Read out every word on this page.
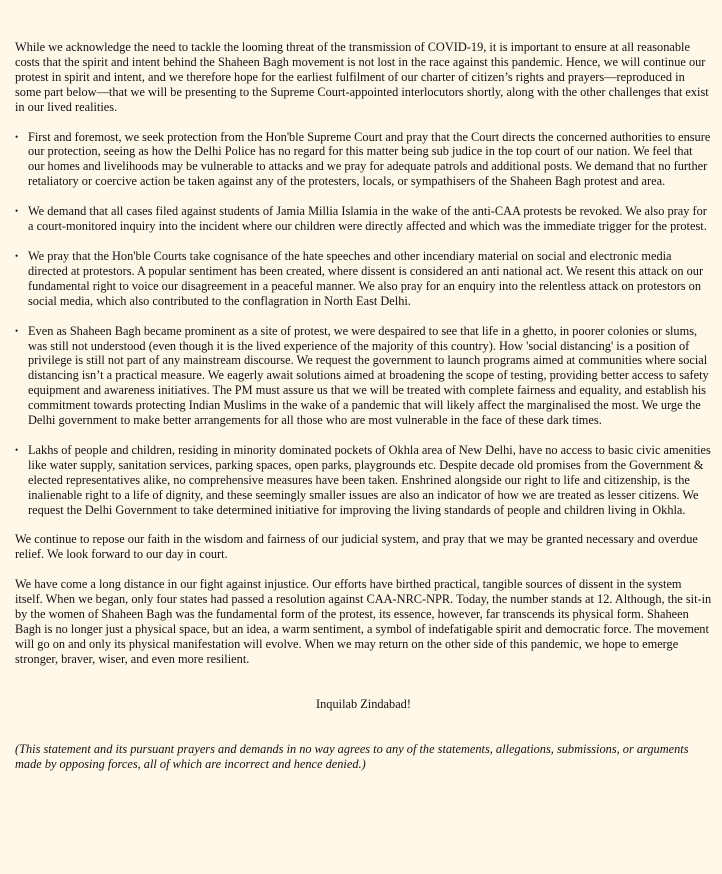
While we acknowledge the need to tackle the looming threat of the transmission of COVID-19, it is important to ensure at all reasonable costs that the spirit and intent behind the Shaheen Bagh movement is not lost in the race against this pandemic. Hence, we will continue our protest in spirit and intent, and we therefore hope for the earliest fulfilment of our charter of citizen’s rights and prayers—reproduced in some part below—that we will be presenting to the Supreme Court-appointed interlocutors shortly, along with the other challenges that exist in our lived realities.

• First and foremost, we seek protection from the Hon'ble Supreme Court and pray that the Court directs the concerned authorities to ensure our protection, seeing as how the Delhi Police has no regard for this matter being sub judice in the top court of our nation. We feel that our homes and livelihoods may be vulnerable to attacks and we pray for adequate patrols and additional posts. We demand that no further retaliatory or coercive action be taken against any of the protesters, locals, or sympathisers of the Shaheen Bagh protest and area.
• We demand that all cases filed against students of Jamia Millia Islamia in the wake of the anti-CAA protests be revoked. We also pray for a court-monitored inquiry into the incident where our children were directly affected and which was the immediate trigger for the protest.
• We pray that the Hon'ble Courts take cognisance of the hate speeches and other incendiary material on social and electronic media directed at protestors. A popular sentiment has been created, where dissent is considered an anti national act. We resent this attack on our fundamental right to voice our disagreement in a peaceful manner. We also pray for an enquiry into the relentless attack on protestors on social media, which also contributed to the conflagration in North East Delhi.
• Even as Shaheen Bagh became prominent as a site of protest, we were despaired to see that life in a ghetto, in poorer colonies or slums, was still not understood (even though it is the lived experience of the majority of this country). How 'social distancing' is a position of privilege is still not part of any mainstream discourse. We request the government to launch programs aimed at communities where social distancing isn’t a practical measure. We eagerly await solutions aimed at broadening the scope of testing, providing better access to safety equipment and awareness initiatives. The PM must assure us that we will be treated with complete fairness and equality, and establish his commitment towards protecting Indian Muslims in the wake of a pandemic that will likely affect the marginalised the most. We urge the Delhi government to make better arrangements for all those who are most vulnerable in the face of these dark times.
• Lakhs of people and children, residing in minority dominated pockets of Okhla area of New Delhi, have no access to basic civic amenities like water supply, sanitation services, parking spaces, open parks, playgrounds etc. Despite decade old promises from the Government & elected representatives alike, no comprehensive measures have been taken. Enshrined alongside our right to life and citizenship, is the inalienable right to a life of dignity, and these seemingly smaller issues are also an indicator of how we are treated as lesser citizens. We request the Delhi Government to take determined initiative for improving the living standards of people and children living in Okhla.

We continue to repose our faith in the wisdom and fairness of our judicial system, and pray that we may be granted necessary and overdue relief. We look forward to our day in court.

We have come a long distance in our fight against injustice. Our efforts have birthed practical, tangible sources of dissent in the system itself. When we began, only four states had passed a resolution against CAA-NRC-NPR. Today, the number stands at 12. Although, the sit-in by the women of Shaheen Bagh was the fundamental form of the protest, its essence, however, far transcends its physical form. Shaheen Bagh is no longer just a physical space, but an idea, a warm sentiment, a symbol of indefatigable spirit and democratic force. The movement will go on and only its physical manifestation will evolve. When we may return on the other side of this pandemic, we hope to emerge stronger, braver, wiser, and even more resilient.

Inquilab Zindabad!

(This statement and its pursuant prayers and demands in no way agrees to any of the statements, allegations, submissions, or arguments made by opposing forces, all of which are incorrect and hence denied.)
